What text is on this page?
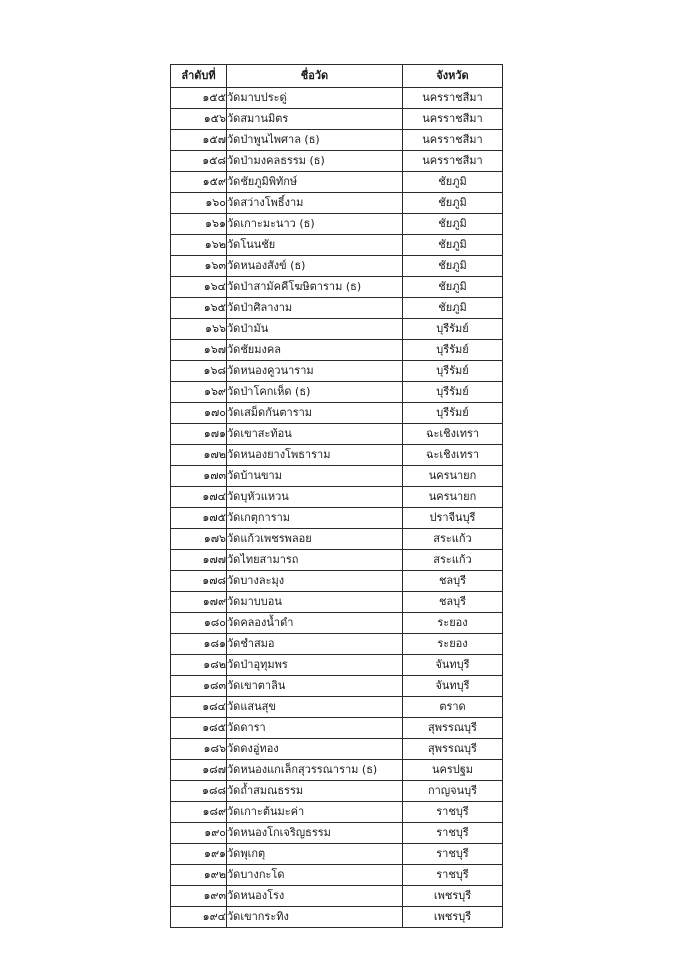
ลำดับที่	ชื่อวัด	จังหวัด
๑๕๕	วัดมาบประดู่	นครราชสีมา
๑๕๖	วัดสมานมิตร	นครราชสีมา
๑๕๗	วัดป่าพูนไพศาล (ธ)	นครราชสีมา
๑๕๘	วัดป่ามงคลธรรม (ธ)	นครราชสีมา
๑๕๙	วัดชัยภูมิพิทักษ์	ชัยภูมิ
๑๖๐	วัดสว่างโพธิ์งาม	ชัยภูมิ
๑๖๑	วัดเกาะมะนาว (ธ)	ชัยภูมิ
๑๖๒	วัดโนนชัย	ชัยภูมิ
๑๖๓	วัดหนองสังข์ (ธ)	ชัยภูมิ
๑๖๔	วัดป่าสามัคคีโฆษิตาราม (ธ)	ชัยภูมิ
๑๖๕	วัดป่าศิลางาม	ชัยภูมิ
๑๖๖	วัดป่ามัน	บุรีรัมย์
๑๖๗	วัดชัยมงคล	บุรีรัมย์
๑๖๘	วัดหนองคูวนาราม	บุรีรัมย์
๑๖๙	วัดป่าโคกเห็ด (ธ)	บุรีรัมย์
๑๗๐	วัดเสม็ดกันตาราม	บุรีรัมย์
๑๗๑	วัดเขาสะท้อน	ฉะเชิงเทรา
๑๗๒	วัดหนองยางโพธาราม	ฉะเชิงเทรา
๑๗๓	วัดบ้านขาม	นครนายก
๑๗๔	วัดบุหัวแหวน	นครนายก
๑๗๕	วัดเกตุการาม	ปราจีนบุรี
๑๗๖	วัดแก้วเพชรพลอย	สระแก้ว
๑๗๗	วัดไทยสามารถ	สระแก้ว
๑๗๘	วัดบางละมุง	ชลบุรี
๑๗๙	วัดมาบบอน	ชลบุรี
๑๘๐	วัดคลองน้ำดำ	ระยอง
๑๘๑	วัดชำสมอ	ระยอง
๑๘๒	วัดป่าอุทุมพร	จันทบุรี
๑๘๓	วัดเขาตาลิน	จันทบุรี
๑๘๔	วัดแสนสุข	ตราด
๑๘๕	วัดดารา	สุพรรณบุรี
๑๘๖	วัดดงอู่ทอง	สุพรรณบุรี
๑๘๗	วัดหนองแกเล็กสุวรรณาราม (ธ)	นครปฐม
๑๘๘	วัดถ้ำสมณธรรม	กาญจนบุรี
๑๘๙	วัดเกาะต้นมะค่า	ราชบุรี
๑๙๐	วัดหนองโกเจริญธรรม	ราชบุรี
๑๙๑	วัดพุเกตุ	ราชบุรี
๑๙๒	วัดบางกะโด	ราชบุรี
๑๙๓	วัดหนองโรง	เพชรบุรี
๑๙๔	วัดเขากระทิง	เพชรบุรี
